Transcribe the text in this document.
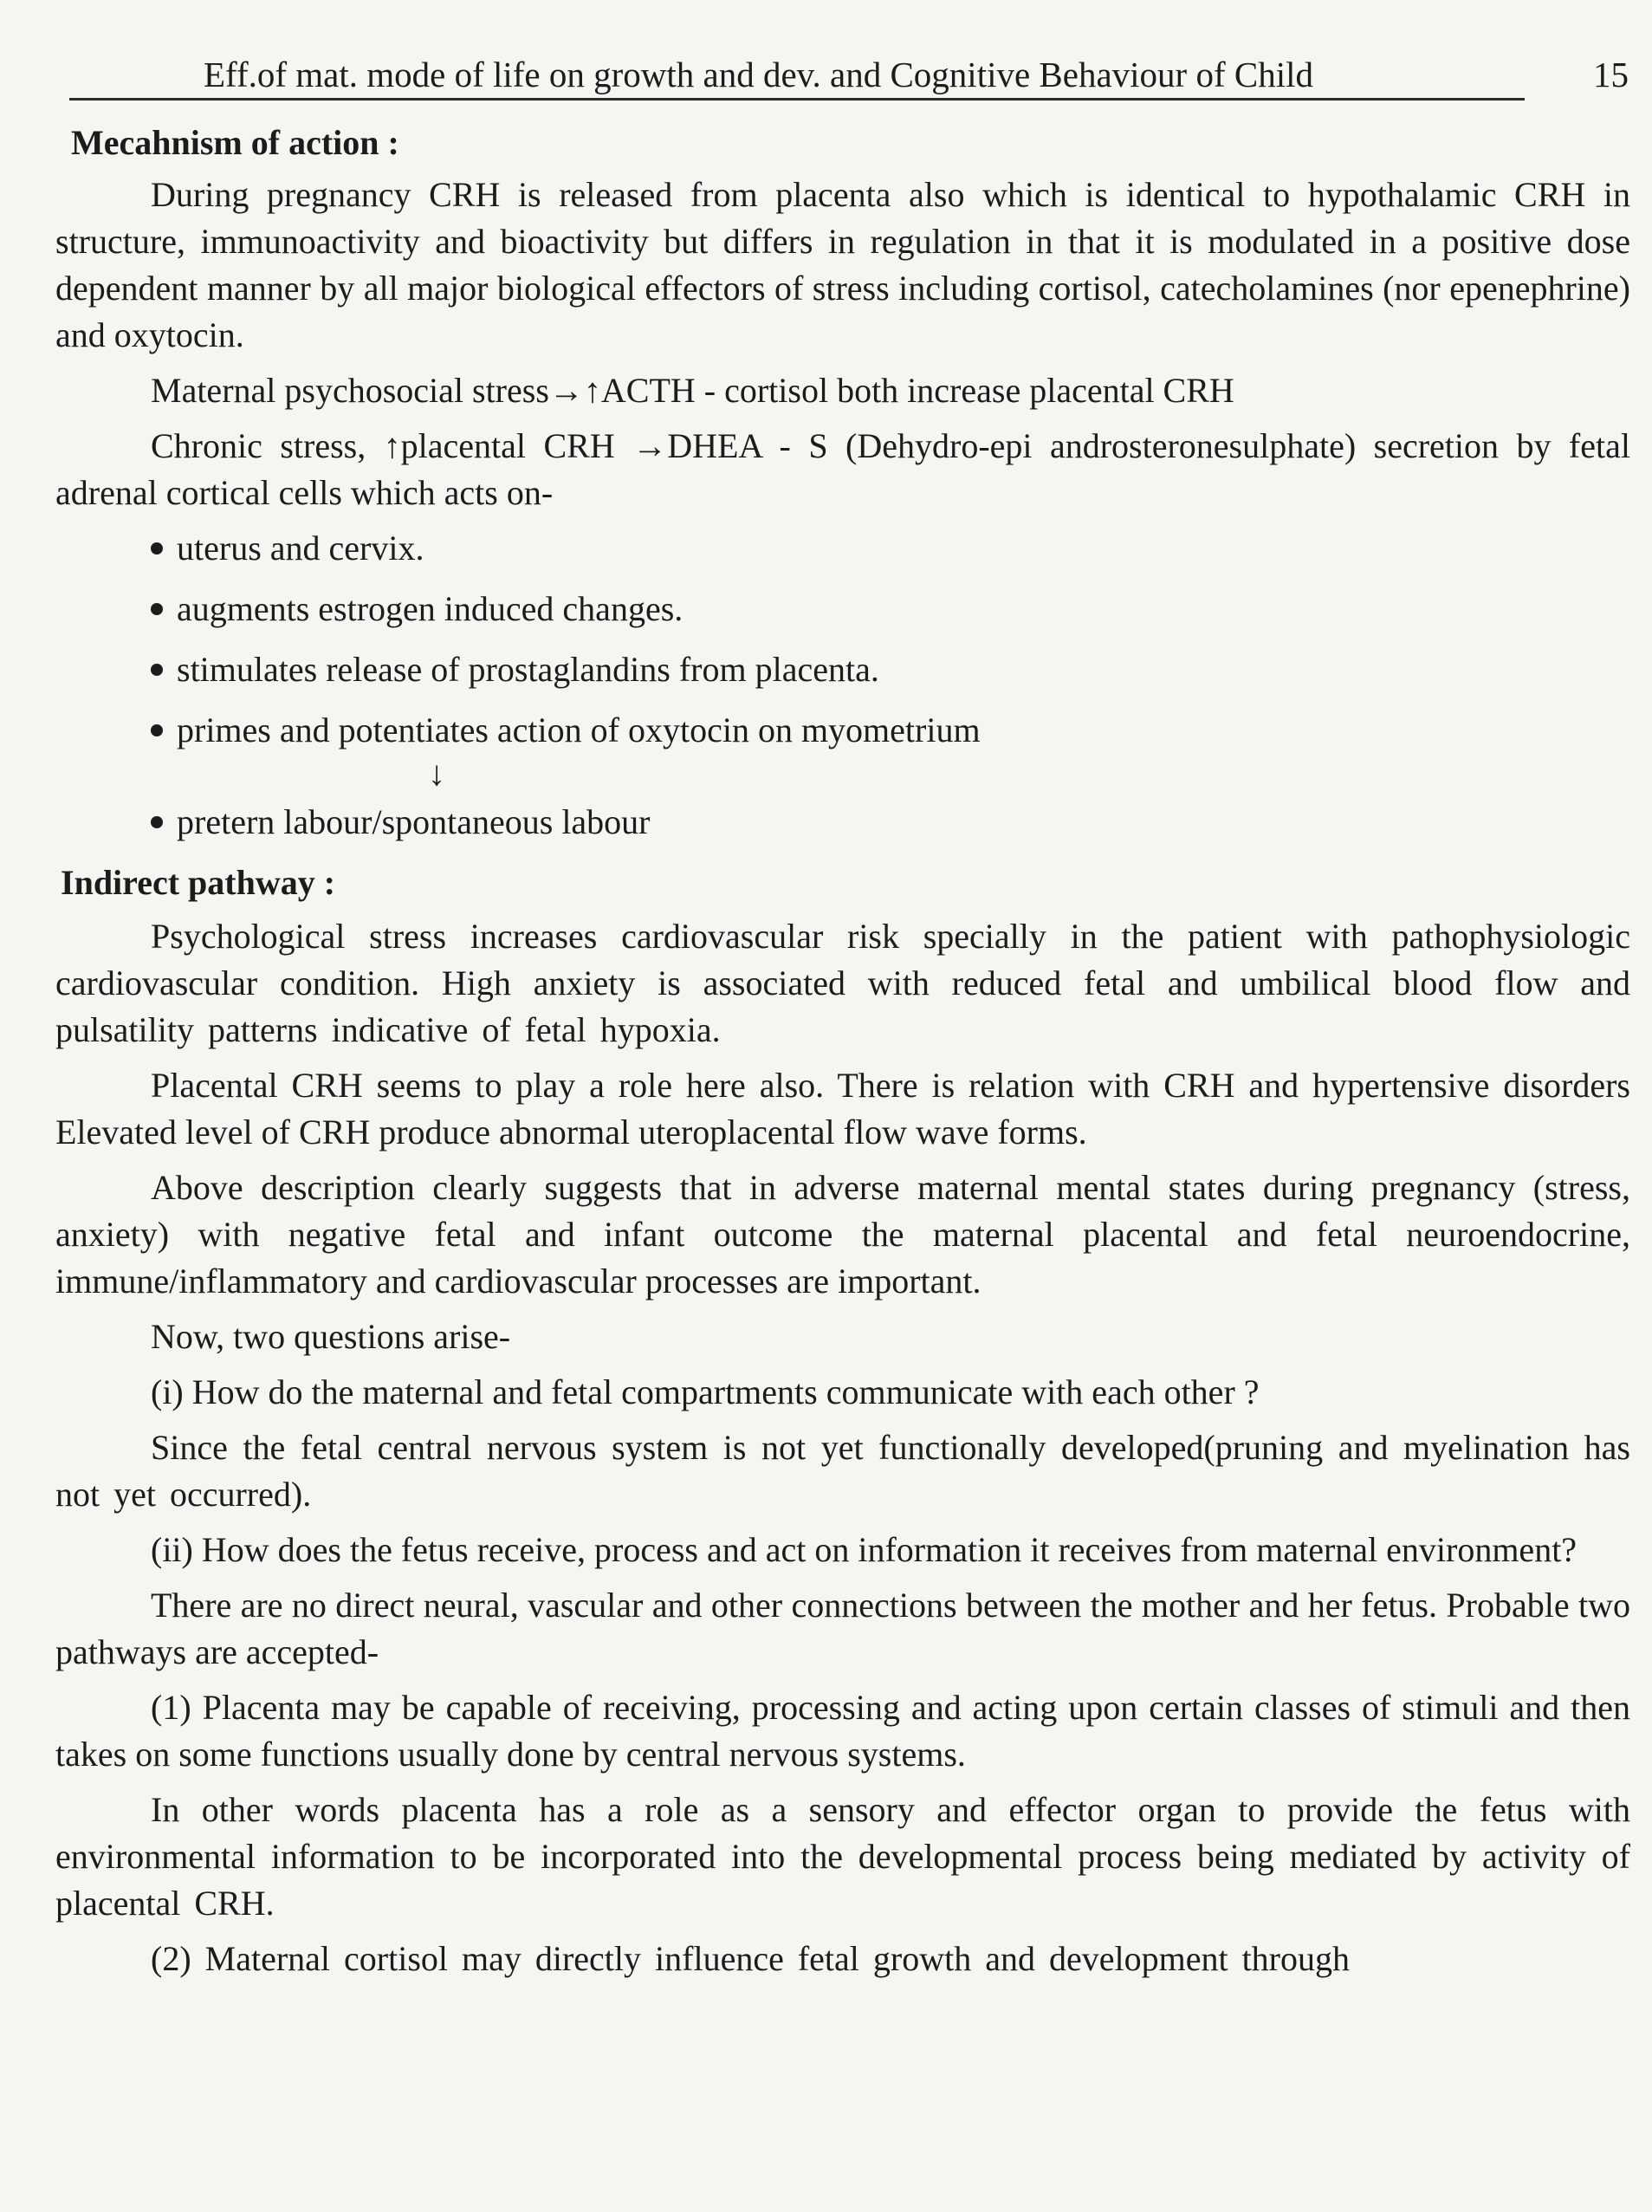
Eff.of mat. mode of life on growth and dev. and Cognitive Behaviour of Child	15
Mecahnism of action :

During pregnancy CRH is released from placenta also which is identical to hypothalamic CRH in structure, immunoactivity and bioactivity but differs in regulation in that it is modulated in a positive dose dependent manner by all major biological effectors of stress including cortisol, catecholamines (nor epenephrine) and oxytocin.

Maternal psychosocial stress→↑ACTH - cortisol both increase placental CRH

Chronic stress, ↑placental CRH →DHEA - S (Dehydro-epi androsteronesulphate) secretion by fetal adrenal cortical cells which acts on-

uterus and cervix.
augments estrogen induced changes.
stimulates release of prostaglandins from placenta.
primes and potentiates action of oxytocin on myometrium
↓
pretern labour/spontaneous labour
Indirect pathway :

Psychological stress increases cardiovascular risk specially in the patient with pathophysiologic cardiovascular condition. High anxiety is associated with reduced fetal and umbilical blood flow and pulsatility patterns indicative of fetal hypoxia.

Placental CRH seems to play a role here also. There is relation with CRH and hypertensive disorders Elevated level of CRH produce abnormal uteroplacental flow wave forms.

Above description clearly suggests that in adverse maternal mental states during pregnancy (stress, anxiety) with negative fetal and infant outcome the maternal placental and fetal neuroendocrine, immune/inflammatory and cardiovascular processes are important.

Now, two questions arise-

(i) How do the maternal and fetal compartments communicate with each other ?

Since the fetal central nervous system is not yet functionally developed(pruning and myelination has not yet occurred).

(ii) How does the fetus receive, process and act on information it receives from maternal environment?

There are no direct neural, vascular and other connections between the mother and her fetus. Probable two pathways are accepted-

(1) Placenta may be capable of receiving, processing and acting upon certain classes of stimuli and then takes on some functions usually done by central nervous systems.

In other words placenta has a role as a sensory and effector organ to provide the fetus with environmental information to be incorporated into the developmental process being mediated by activity of placental CRH.

(2) Maternal cortisol may directly influence fetal growth and development through
